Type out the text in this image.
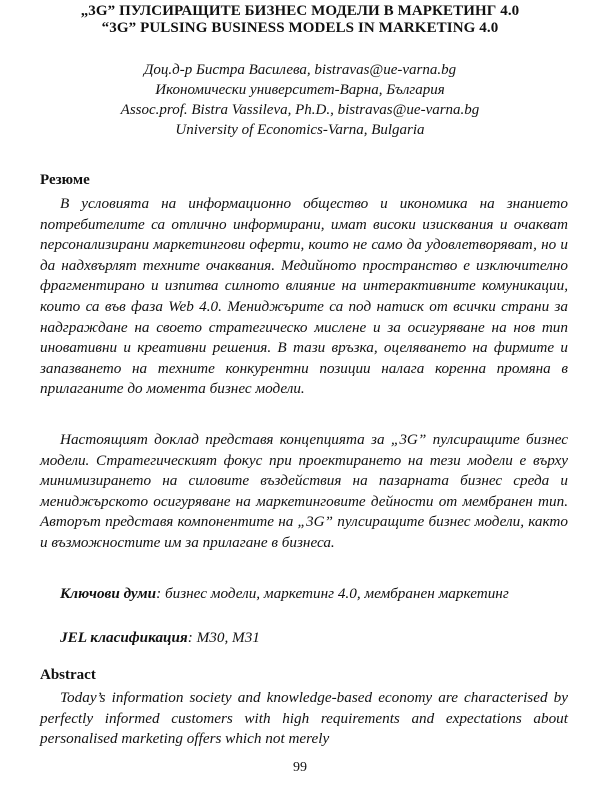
„3G” ПУЛСИРАЩИТЕ БИЗНЕС МОДЕЛИ В МАРКЕТИНГ 4.0
“3G” PULSING BUSINESS MODELS IN MARKETING 4.0
Доц.д-р Бистра Василева, bistravas@ue-varna.bg
Икономически университет-Варна, България
Assoc.prof. Bistra Vassileva, Ph.D., bistravas@ue-varna.bg
University of Economics-Varna, Bulgaria
Резюме

В условията на информационно общество и икономика на знанието потребителите са отлично информирани, имат високи изисквания и очакват персонализирани маркетингови оферти, които не само да удовлетворяват, но и да надхвърлят техните очаквания. Медийното пространство е изключително фрагментирано и изпитва силното влияние на интерактивните комуникации, които са във фаза Web 4.0. Мениджърите са под натиск от всички страни за надграждане на своето стратегическо мислене и за осигуряване на нов тип иновативни и креативни решения. В тази връзка, оцеляването на фирмите и запазването на техните конкурентни позиции налага коренна промяна в прилаганите до момента бизнес модели.

Настоящият доклад представя концепцията за „3G” пулсиращите бизнес модели. Стратегическият фокус при проектирането на тези модели е върху минимизирането на силовите въздействия на пазарната бизнес среда и мениджърското осигуряване на маркетинговите дейности от мембранен тип. Авторът представя компонентите на „3G” пулсиращите бизнес модели, както и възможностите им за прилагане в бизнеса.

Ключови думи: бизнес модели, маркетинг 4.0, мембранен маркетинг

JEL класификация: M30, M31
Abstract

Today’s information society and knowledge-based economy are characterised by perfectly informed customers with high requirements and expectations about personalised marketing offers which not merely

99
